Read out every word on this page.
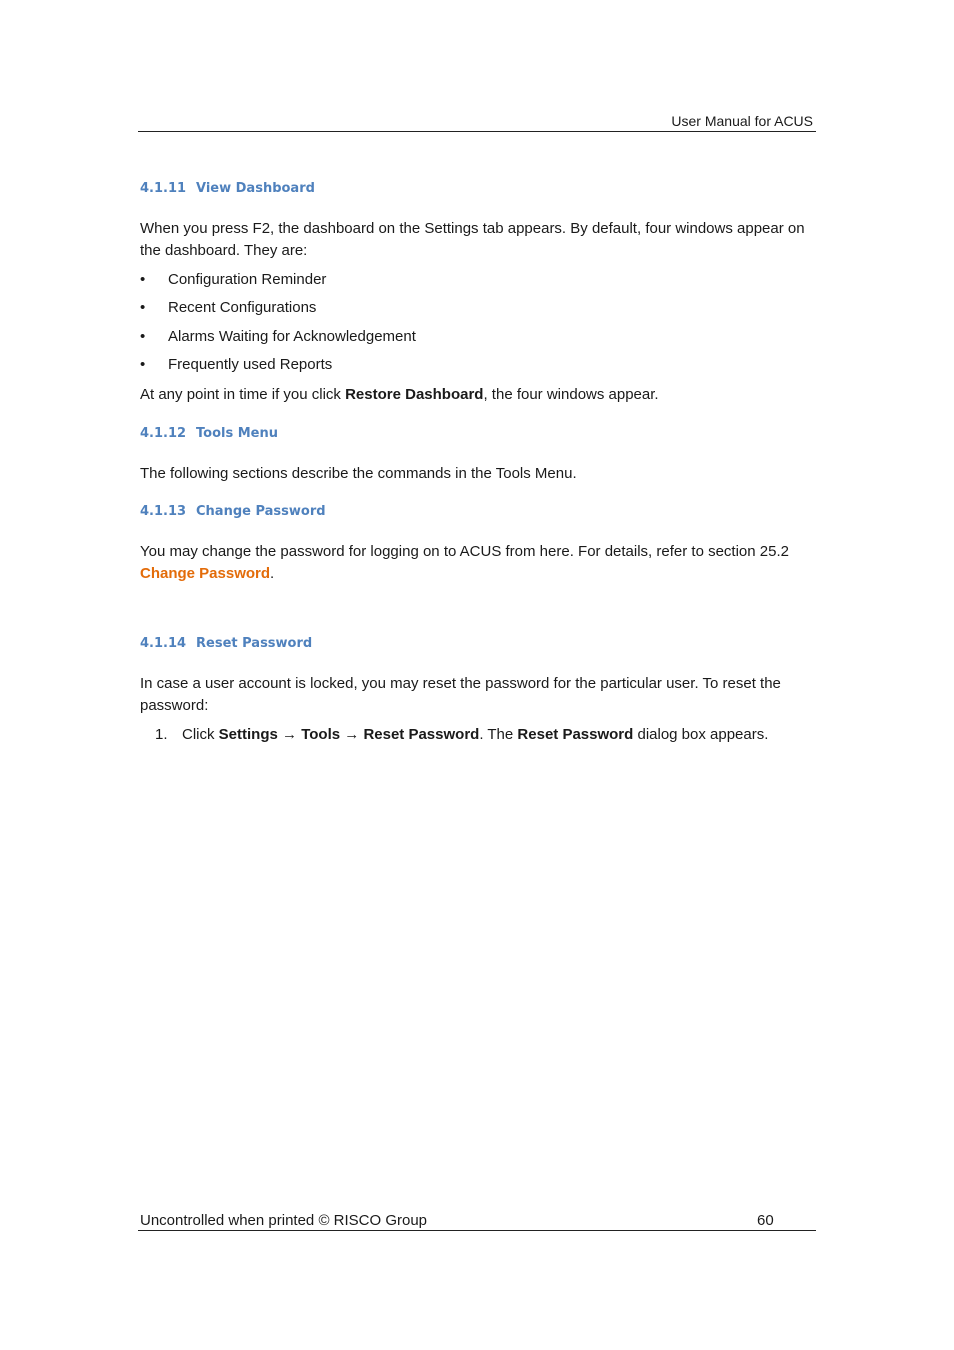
User Manual for ACUS
4.1.11 View Dashboard

When you press F2, the dashboard on the Settings tab appears. By default, four windows appear on the dashboard. They are:

• Configuration Reminder
• Recent Configurations
• Alarms Waiting for Acknowledgement
• Frequently used Reports

At any point in time if you click Restore Dashboard, the four windows appear.

4.1.12 Tools Menu

The following sections describe the commands in the Tools Menu.

4.1.13 Change Password

You may change the password for logging on to ACUS from here. For details, refer to section 25.2 Change Password.

4.1.14 Reset Password

In case a user account is locked, you may reset the password for the particular user. To reset the password:

1. Click Settings → Tools → Reset Password. The Reset Password dialog box appears.
Uncontrolled when printed © RISCO Group	60
